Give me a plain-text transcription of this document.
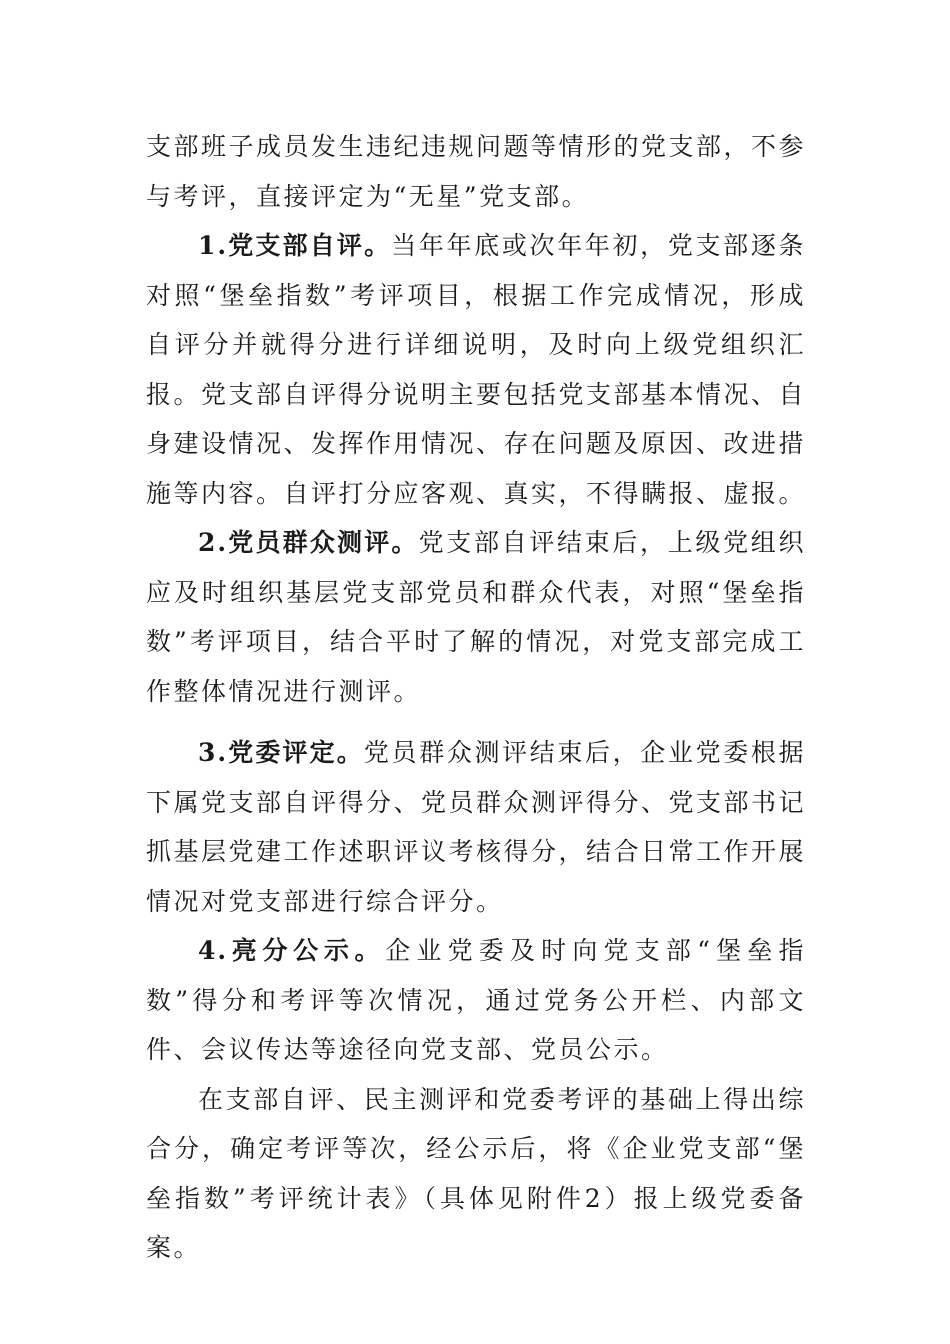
支部班子成员发生违纪违规问题等情形的党支部，不参与考评，直接评定为“无星”党支部。

1.党支部自评。当年年底或次年年初，党支部逐条对照“堡垒指数”考评项目，根据工作完成情况，形成自评分并就得分进行详细说明，及时向上级党组织汇报。党支部自评得分说明主要包括党支部基本情况、自身建设情况、发挥作用情况、存在问题及原因、改进措施等内容。自评打分应客观、真实，不得瞒报、虚报。

2.党员群众测评。党支部自评结束后，上级党组织应及时组织基层党支部党员和群众代表，对照“堡垒指数”考评项目，结合平时了解的情况，对党支部完成工作整体情况进行测评。

3.党委评定。党员群众测评结束后，企业党委根据下属党支部自评得分、党员群众测评得分、党支部书记抓基层党建工作述职评议考核得分，结合日常工作开展情况对党支部进行综合评分。

4.亮分公示。企业党委及时向党支部“堡垒指数”得分和考评等次情况，通过党务公开栏、内部文件、会议传达等途径向党支部、党员公示。

在支部自评、民主测评和党委考评的基础上得出综合分，确定考评等次，经公示后，将《企业党支部“堡垒指数”考评统计表》（具体见附件2）报上级党委备案。
